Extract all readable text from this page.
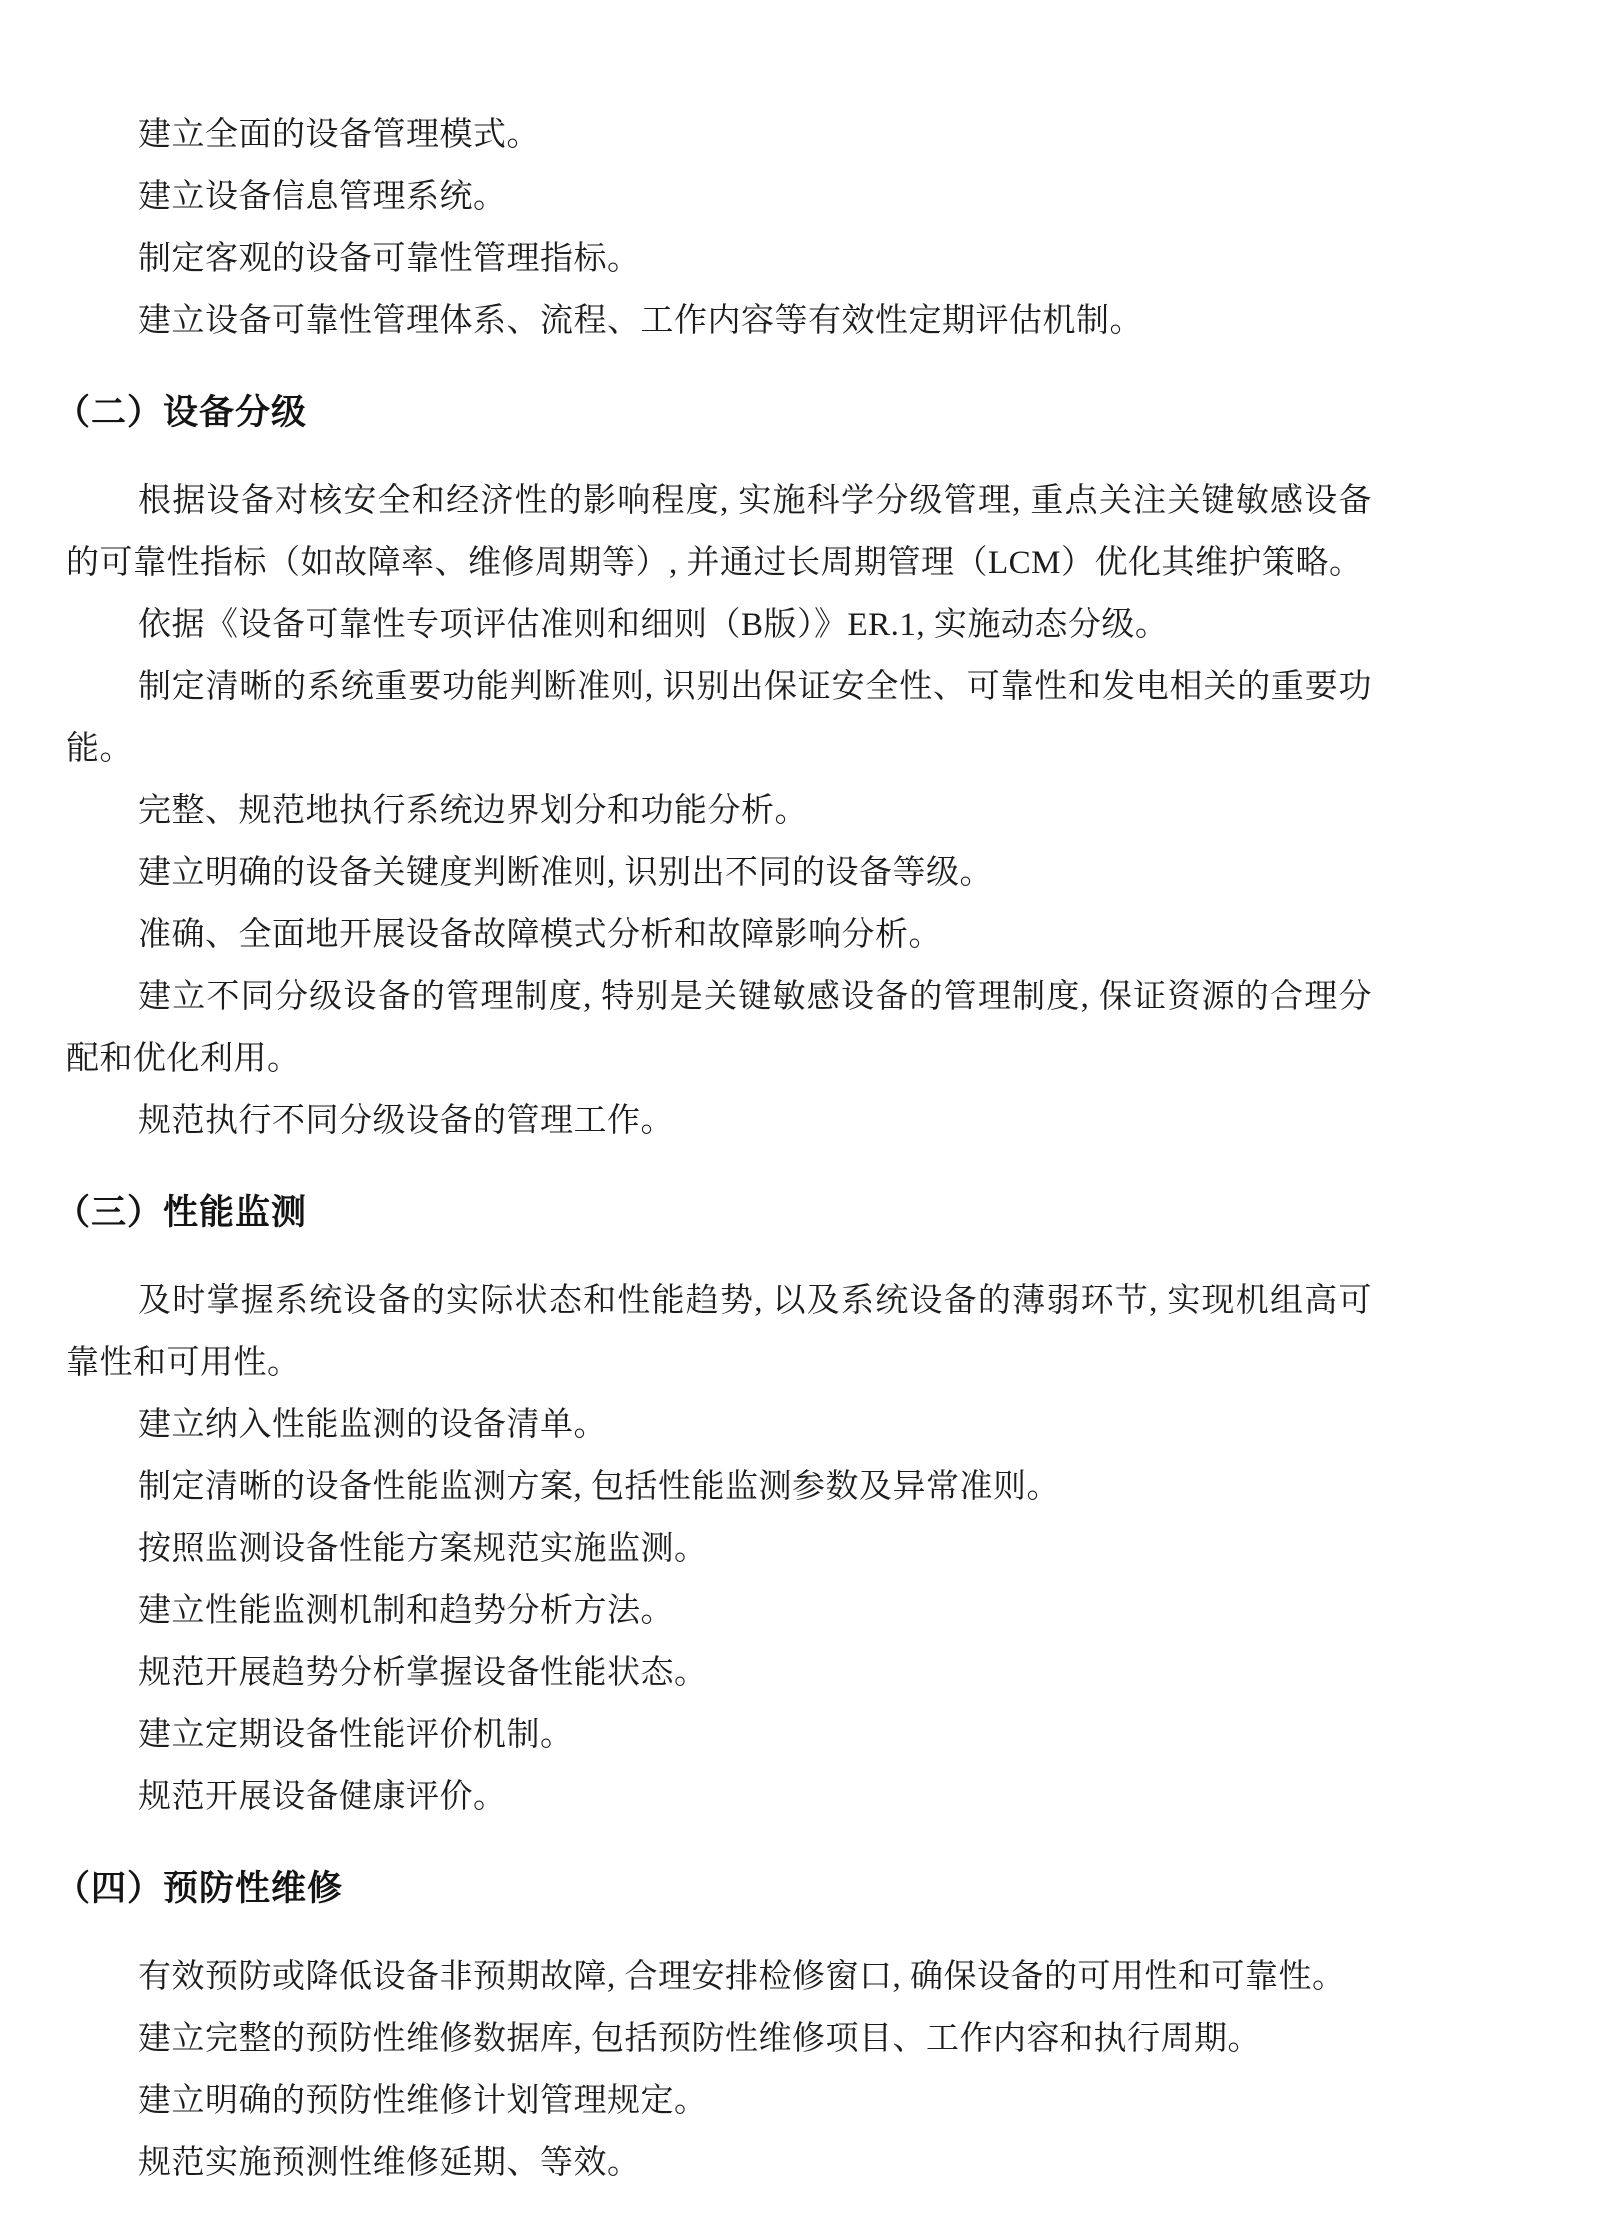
建立全面的设备管理模式。

建立设备信息管理系统。

制定客观的设备可靠性管理指标。

建立设备可靠性管理体系、流程、工作内容等有效性定期评估机制。

（二）设备分级

根据设备对核安全和经济性的影响程度, 实施科学分级管理, 重点关注关键敏感设备的可靠性指标（如故障率、维修周期等）, 并通过长周期管理（LCM）优化其维护策略。

依据《设备可靠性专项评估准则和细则（B版）》ER.1, 实施动态分级。

制定清晰的系统重要功能判断准则, 识别出保证安全性、可靠性和发电相关的重要功能。

完整、规范地执行系统边界划分和功能分析。

建立明确的设备关键度判断准则, 识别出不同的设备等级。

准确、全面地开展设备故障模式分析和故障影响分析。

建立不同分级设备的管理制度, 特别是关键敏感设备的管理制度, 保证资源的合理分配和优化利用。

规范执行不同分级设备的管理工作。

（三）性能监测

及时掌握系统设备的实际状态和性能趋势, 以及系统设备的薄弱环节, 实现机组高可靠性和可用性。

建立纳入性能监测的设备清单。

制定清晰的设备性能监测方案, 包括性能监测参数及异常准则。

按照监测设备性能方案规范实施监测。

建立性能监测机制和趋势分析方法。

规范开展趋势分析掌握设备性能状态。

建立定期设备性能评价机制。

规范开展设备健康评价。

（四）预防性维修

有效预防或降低设备非预期故障, 合理安排检修窗口, 确保设备的可用性和可靠性。

建立完整的预防性维修数据库, 包括预防性维修项目、工作内容和执行周期。

建立明确的预防性维修计划管理规定。

规范实施预测性维修延期、等效。
